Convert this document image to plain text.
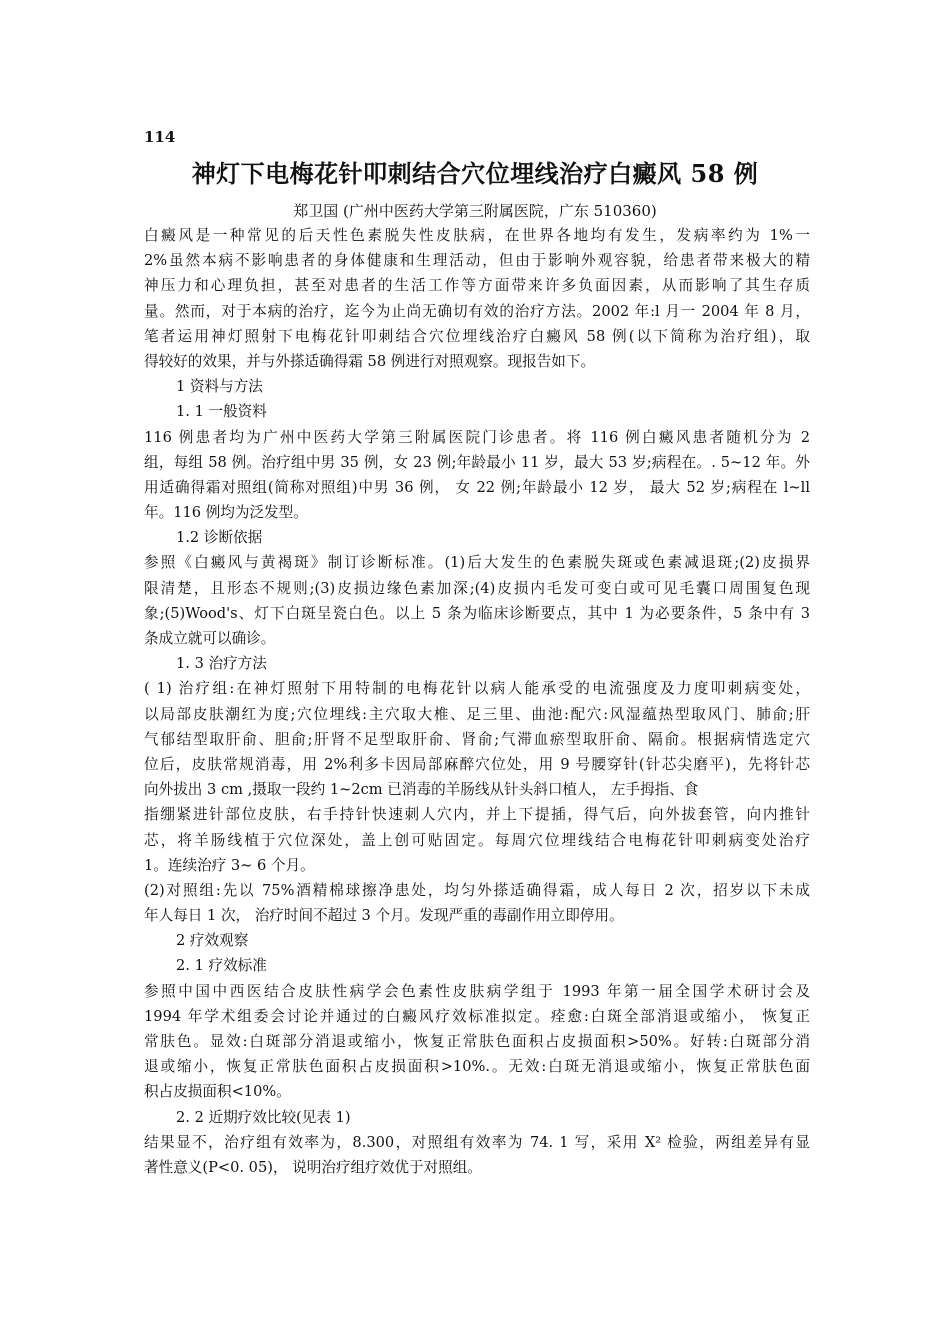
114
神灯下电梅花针叩刺结合穴位埋线治疗白癜风 58 例
郑卫国 (广州中医药大学第三附属医院，广东 510360)
白癜风是一种常见的后天性色素脱失性皮肤病，在世界各地均有发生，发病率约为 1%一
2%虽然本病不影响患者的身体健康和生理活动，但由于影响外观容貌，给患者带来极大的精
神压力和心理负担，甚至对患者的生活工作等方面带来许多负面因素，从而影响了其生存质
量。然而，对于本病的治疗，迄今为止尚无确切有效的治疗方法。2002 年:l 月一 2004 年 8 月，
笔者运用神灯照射下电梅花针叩刺结合穴位埋线治疗白癜风 58 例(以下简称为治疗组)，取
得较好的效果，并与外搽适确得霜 58 例进行对照观察。现报告如下。
1 资料与方法
1. 1 一般资料
116 例患者均为广州中医药大学第三附属医院门诊患者。将 116 例白癜风患者随机分为 2
组，每组 58 例。治疗组中男 35 例，女 23 例;年龄最小 11 岁，最大 53 岁;病程在。. 5~12 年。外
用适确得霜对照组(简称对照组)中男 36 例， 女 22 例;年龄最小 12 岁， 最大 52 岁;病程在 l~ll
年。116 例均为泛发型。
1.2 诊断依据
参照《白癜风与黄褐斑》制订诊断标准。(1)后大发生的色素脱失斑或色素减退斑;(2)皮损界
限清楚，且形态不规则;(3)皮损边缘色素加深;(4)皮损内毛发可变白或可见毛囊口周围复色现
象;(5)Wood's、灯下白斑呈瓷白色。以上 5 条为临床诊断要点，其中 1 为必要条件，5 条中有 3
条成立就可以确诊。
1. 3 治疗方法
( 1) 治疗组:在神灯照射下用特制的电梅花针以病人能承受的电流强度及力度叩刺病变处，
以局部皮肤潮红为度;穴位埋线:主穴取大椎、足三里、曲池:配穴:风湿蕴热型取风门、肺俞;肝
气郁结型取肝俞、胆俞;肝肾不足型取肝俞、肾俞;气滞血瘀型取肝俞、隔俞。根据病情选定穴
位后，皮肤常规消毒，用 2%利多卡因局部麻醉穴位处，用 9 号腰穿针(针芯尖磨平)，先将针芯
向外拔出 3 cm ,摄取一段约 1~2cm 已消毒的羊肠线从针头斜口植人， 左手拇指、食
指绷紧进针部位皮肤，右手持针快速刺人穴内，并上下提插，得气后，向外拔套管，向内推针
芯，将羊肠线植于穴位深处，盖上创可贴固定。每周穴位埋线结合电梅花针叩刺病变处治疗
1。连续治疗 3~ 6 个月。
(2)对照组:先以 75%酒精棉球擦净患处，均匀外搽适确得霜，成人每日 2 次，招岁以下未成
年人每日 1 次， 治疗时间不超过 3 个月。发现严重的毒副作用立即停用。
2 疗效观察
2. 1 疗效标准
参照中国中西医结合皮肤性病学会色素性皮肤病学组于 1993 年第一届全国学术研讨会及
1994 年学术组委会讨论并通过的白癜风疗效标准拟定。痊愈:白斑全部消退或缩小， 恢复正
常肤色。显效:白斑部分消退或缩小，恢复正常肤色面积占皮损面积>50%。好转:白斑部分消
退或缩小，恢复正常肤色面积占皮损面积>10%.。无效:白斑无消退或缩小，恢复正常肤色面
积占皮损面积<10%。
2. 2 近期疗效比较(见表 1)
结果显不，治疗组有效率为，8.300，对照组有效率为 74. 1 写，采用 X² 检验，两组差异有显
著性意义(P<0. 05)， 说明治疗组疗效优于对照组。
